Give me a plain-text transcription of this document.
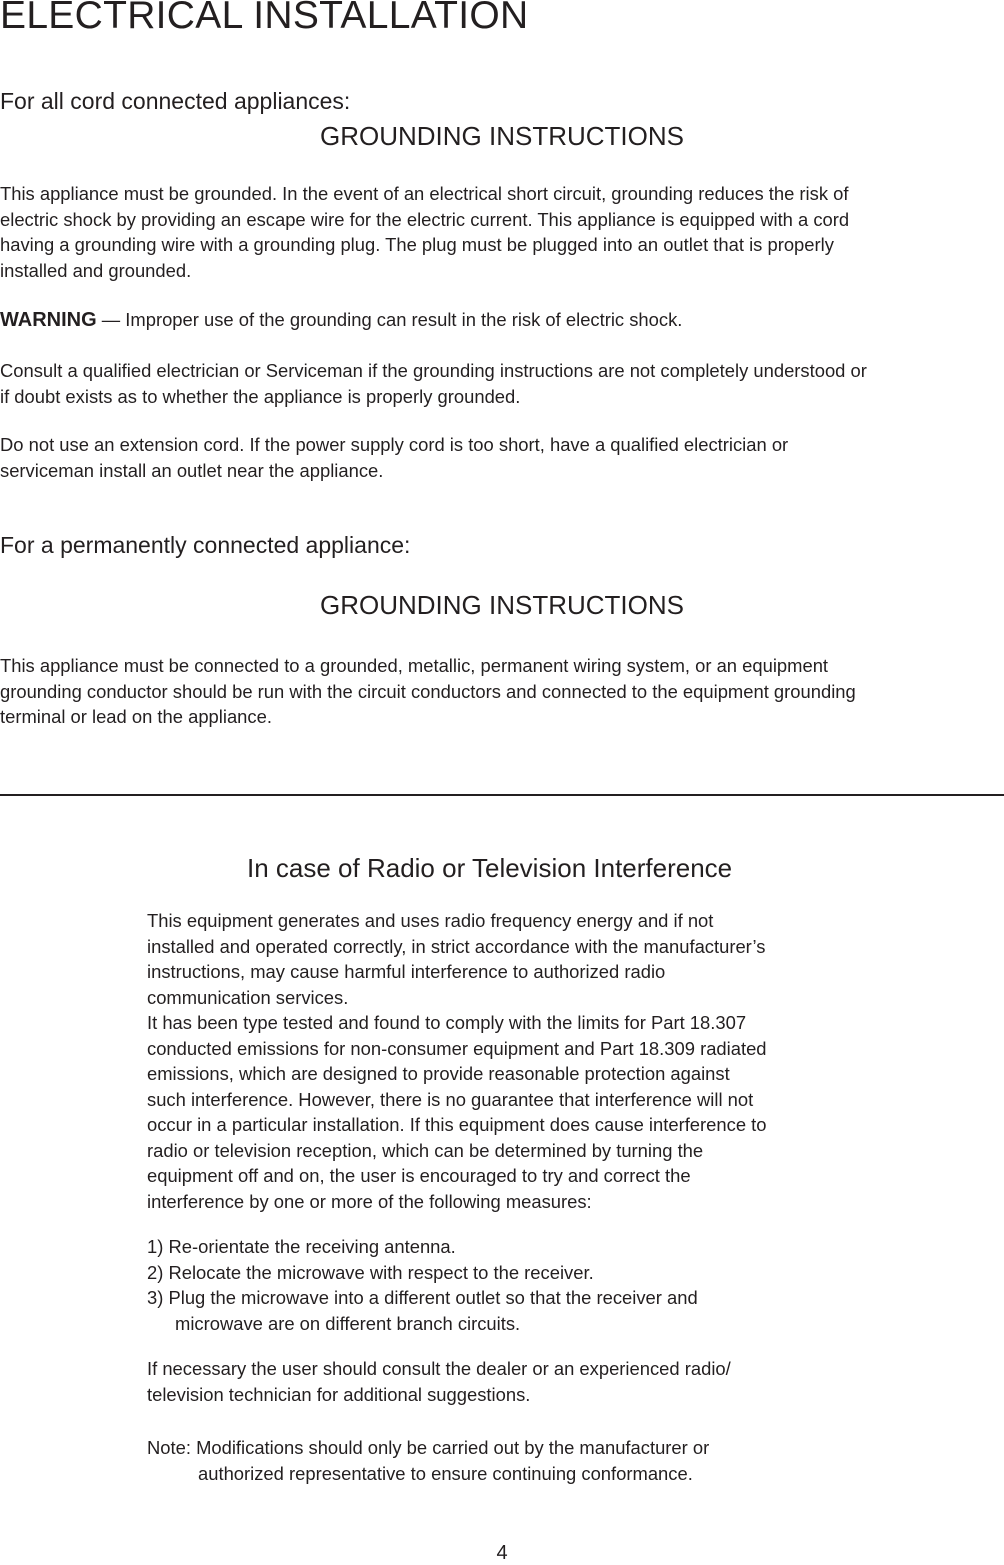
ELECTRICAL INSTALLATION
For all cord connected appliances:
GROUNDING INSTRUCTIONS
This appliance must be grounded. In the event of an electrical short circuit, grounding reduces the risk of
electric shock by providing an escape wire for the electric current. This appliance is equipped with a cord
having a grounding wire with a grounding plug. The plug must be plugged into an outlet that is properly
installed and grounded.
WARNING — Improper use of the grounding can result in the risk of electric shock.
Consult a qualified electrician or Serviceman if the grounding instructions are not completely understood or
if doubt exists as to whether the appliance is properly grounded.
Do not use an extension cord. If the power supply cord is too short, have a qualified electrician or
serviceman install an outlet near the appliance.
For a permanently connected appliance:
GROUNDING INSTRUCTIONS
This appliance must be connected to a grounded, metallic, permanent wiring system, or an equipment
grounding conductor should be run with the circuit conductors and connected to the equipment grounding
terminal or lead on the appliance.
In case of Radio or Television Interference
This equipment generates and uses radio frequency energy and if not
installed and operated correctly, in strict accordance with the manufacturer’s
instructions, may cause harmful interference to authorized radio
communication services.
It has been type tested and found to comply with the limits for Part 18.307
conducted emissions for non-consumer equipment and Part 18.309 radiated
emissions, which are designed to provide reasonable protection against
such interference. However, there is no guarantee that interference will not
occur in a particular installation. If this equipment does cause interference to
radio or television reception, which can be determined by turning the
equipment off and on, the user is encouraged to try and correct the
interference by one or more of the following measures:
1) Re-orientate the receiving antenna.
2) Relocate the microwave with respect to the receiver.
3) Plug the microwave into a different outlet so that the receiver and
microwave are on different branch circuits.
If necessary the user should consult the dealer or an experienced radio/
television technician for additional suggestions.
Note: Modifications should only be carried out by the manufacturer or
authorized representative to ensure continuing conformance.
4
